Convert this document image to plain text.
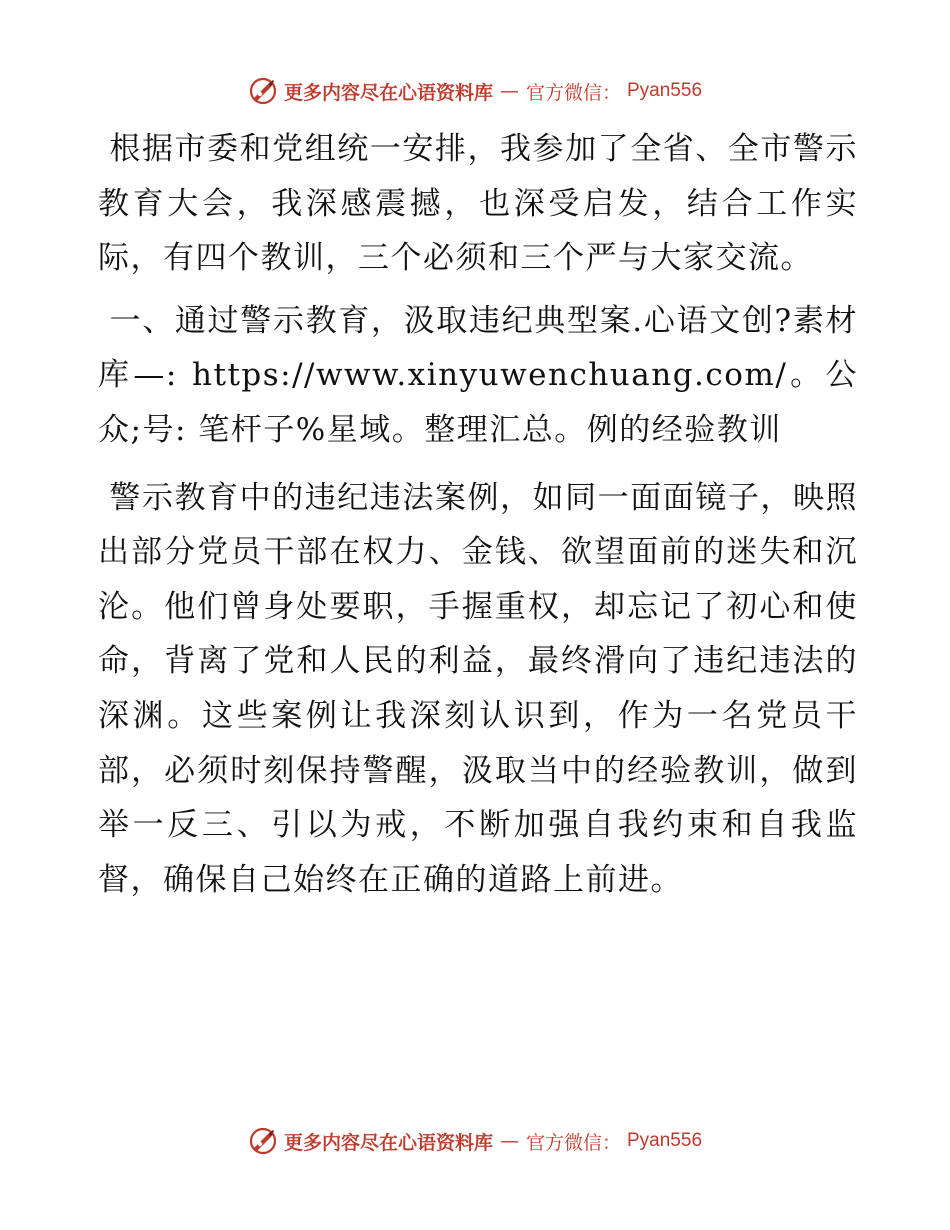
更多内容尽在心语资料库 — 官方微信： Pyan556

根据市委和党组统一安排，我参加了全省、全市警示教育大会，我深感震撼，也深受启发，结合工作实际，有四个教训，三个必须和三个严与大家交流。

一、通过警示教育，汲取违纪典型案.心语文创?素材库—: https://www.xinyuwenchuang.com/。公众;号: 笔杆子%星域。整理汇总。例的经验教训

警示教育中的违纪违法案例，如同一面面镜子，映照出部分党员干部在权力、金钱、欲望面前的迷失和沉沦。他们曾身处要职，手握重权，却忘记了初心和使命，背离了党和人民的利益，最终滑向了违纪违法的深渊。这些案例让我深刻认识到，作为一名党员干部，必须时刻保持警醒，汲取当中的经验教训，做到举一反三、引以为戒，不断加强自我约束和自我监督，确保自己始终在正确的道路上前进。

更多内容尽在心语资料库 — 官方微信： Pyan556
